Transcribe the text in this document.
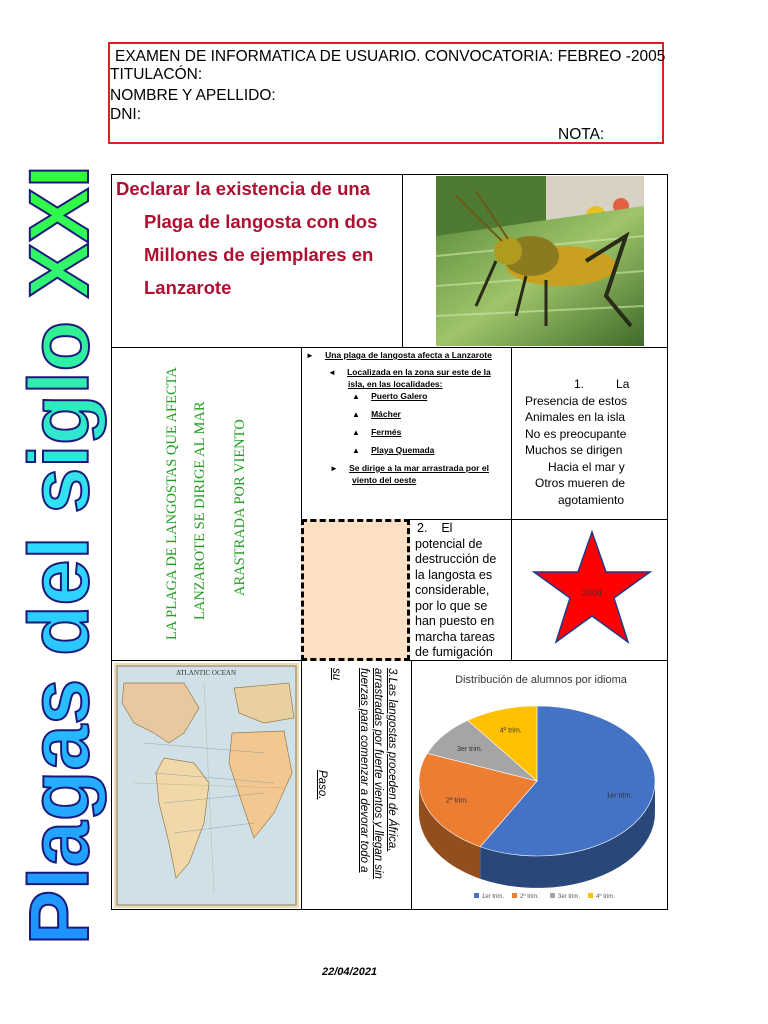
EXAMEN DE INFORMATICA DE USUARIO. CONVOCATORIA: FEBREO -2005
TITULACÓN:
NOMBRE Y APELLIDO:
DNI:
NOTA:
Plagas del siglo XXI Declarar la existencia de una
Plaga de langosta con dos
Millones de ejemplares en
Lanzarote
LA PLAGA DE LANGOSTAS QUE AFECTA LANZAROTE SE DIRIGE AL MAR ARASTRADA POR VIENTO
► Una plaga de langosta afecta a Lanzarote
◄ Localizada en la zona sur este de la
isla, en las localidades:
▲ Puerto Galero
▲ Mácher
▲ Fermés
▲ Playa Quemada
► Se dirige a la mar arrastrada por el
viento del oeste
1.	La
Presencia de estos
Animales en la isla
No es preocupante
Muchos se dirigen
Hacia el mar y
Otros mueren de
agotamiento
2. El
potencial de
destrucción de
la langosta es
considerable,
por lo que se
han puesto en
marcha tareas
de fumigación
2004
ATLANTIC OCEAN	3.Las langostas proceden de África,
arrastradas por fuerte vientos y llegan sin
fuerzas para comenzar a devorar todo a
su
Paso.
Distribución de alumnos por idioma
1er trim.
2º trim.
3er trim.
4º trim.
1er trim.	2º trim.	3er trim.	4º trim.
22/04/2021
